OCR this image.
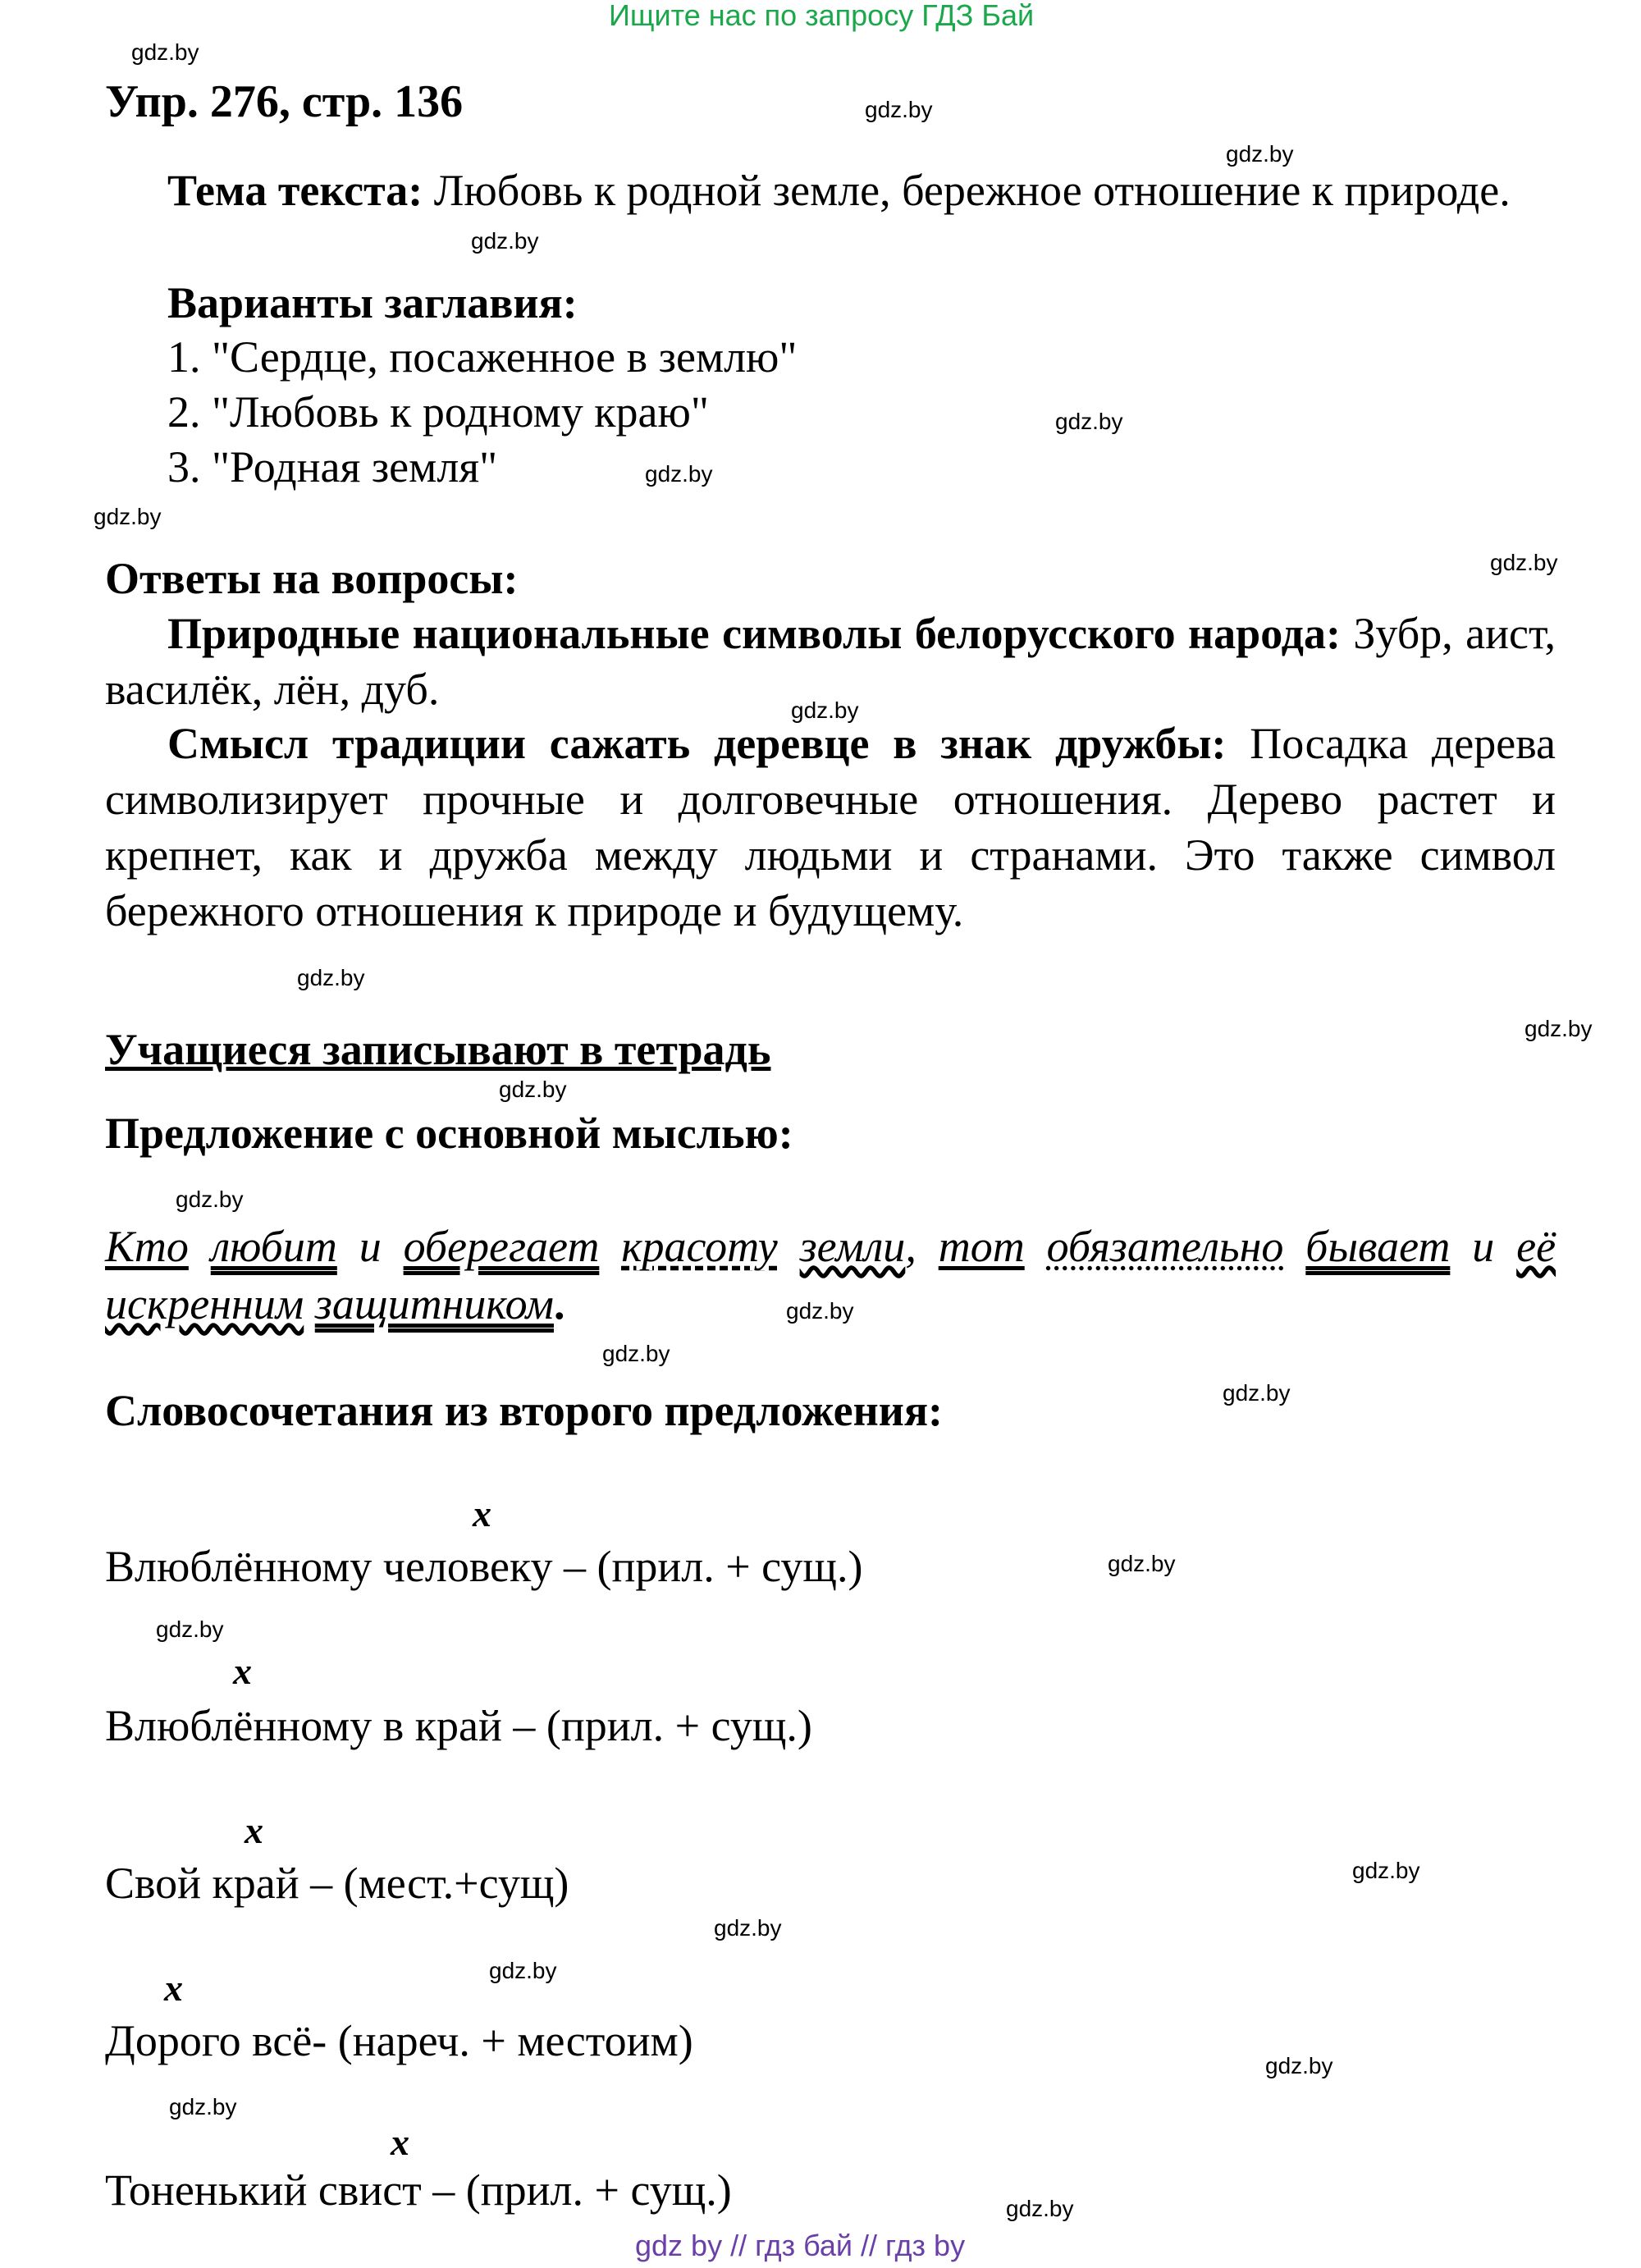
Ищите нас по запросу ГДЗ Бай
Упр. 276, стр. 136
Тема текста: Любовь к родной земле, бережное отношение к природе.
Варианты заглавия:
1. "Сердце, посаженное в землю"
2. "Любовь к родному краю"
3. "Родная земля"
Ответы на вопросы:
Природные национальные символы белорусского народа: Зубр, аист, василёк, лён, дуб.
Смысл традиции сажать деревце в знак дружбы: Посадка дерева символизирует прочные и долговечные отношения. Дерево растет и крепнет, как и дружба между людьми и странами. Это также символ бережного отношения к природе и будущему.
Учащиеся записывают в тетрадь
Предложение с основной мыслью:
Кто любит и оберегает красоту земли, тот обязательно бывает и её искренним защитником.
Словосочетания из второго предложения:
х
Влюблённому человеку – (прил. + сущ.)
х
Влюблённому в край – (прил. + сущ.)
х
Свой край – (мест.+сущ)
х
Дорого всё- (нареч. + местоим)
х
Тоненький свист – (прил. + сущ.)
gdz.by
gdz.by
gdz.by
gdz.by
gdz.by
gdz.by
gdz.by
gdz.by
gdz.by
gdz.by
gdz.by
gdz.by
gdz.by
gdz.by
gdz.by
gdz.by
gdz.by
gdz.by
gdz.by
gdz.by
gdz.by
gdz.by
gdz.by
gdz.by
gdz by // гдз бай // гдз by
